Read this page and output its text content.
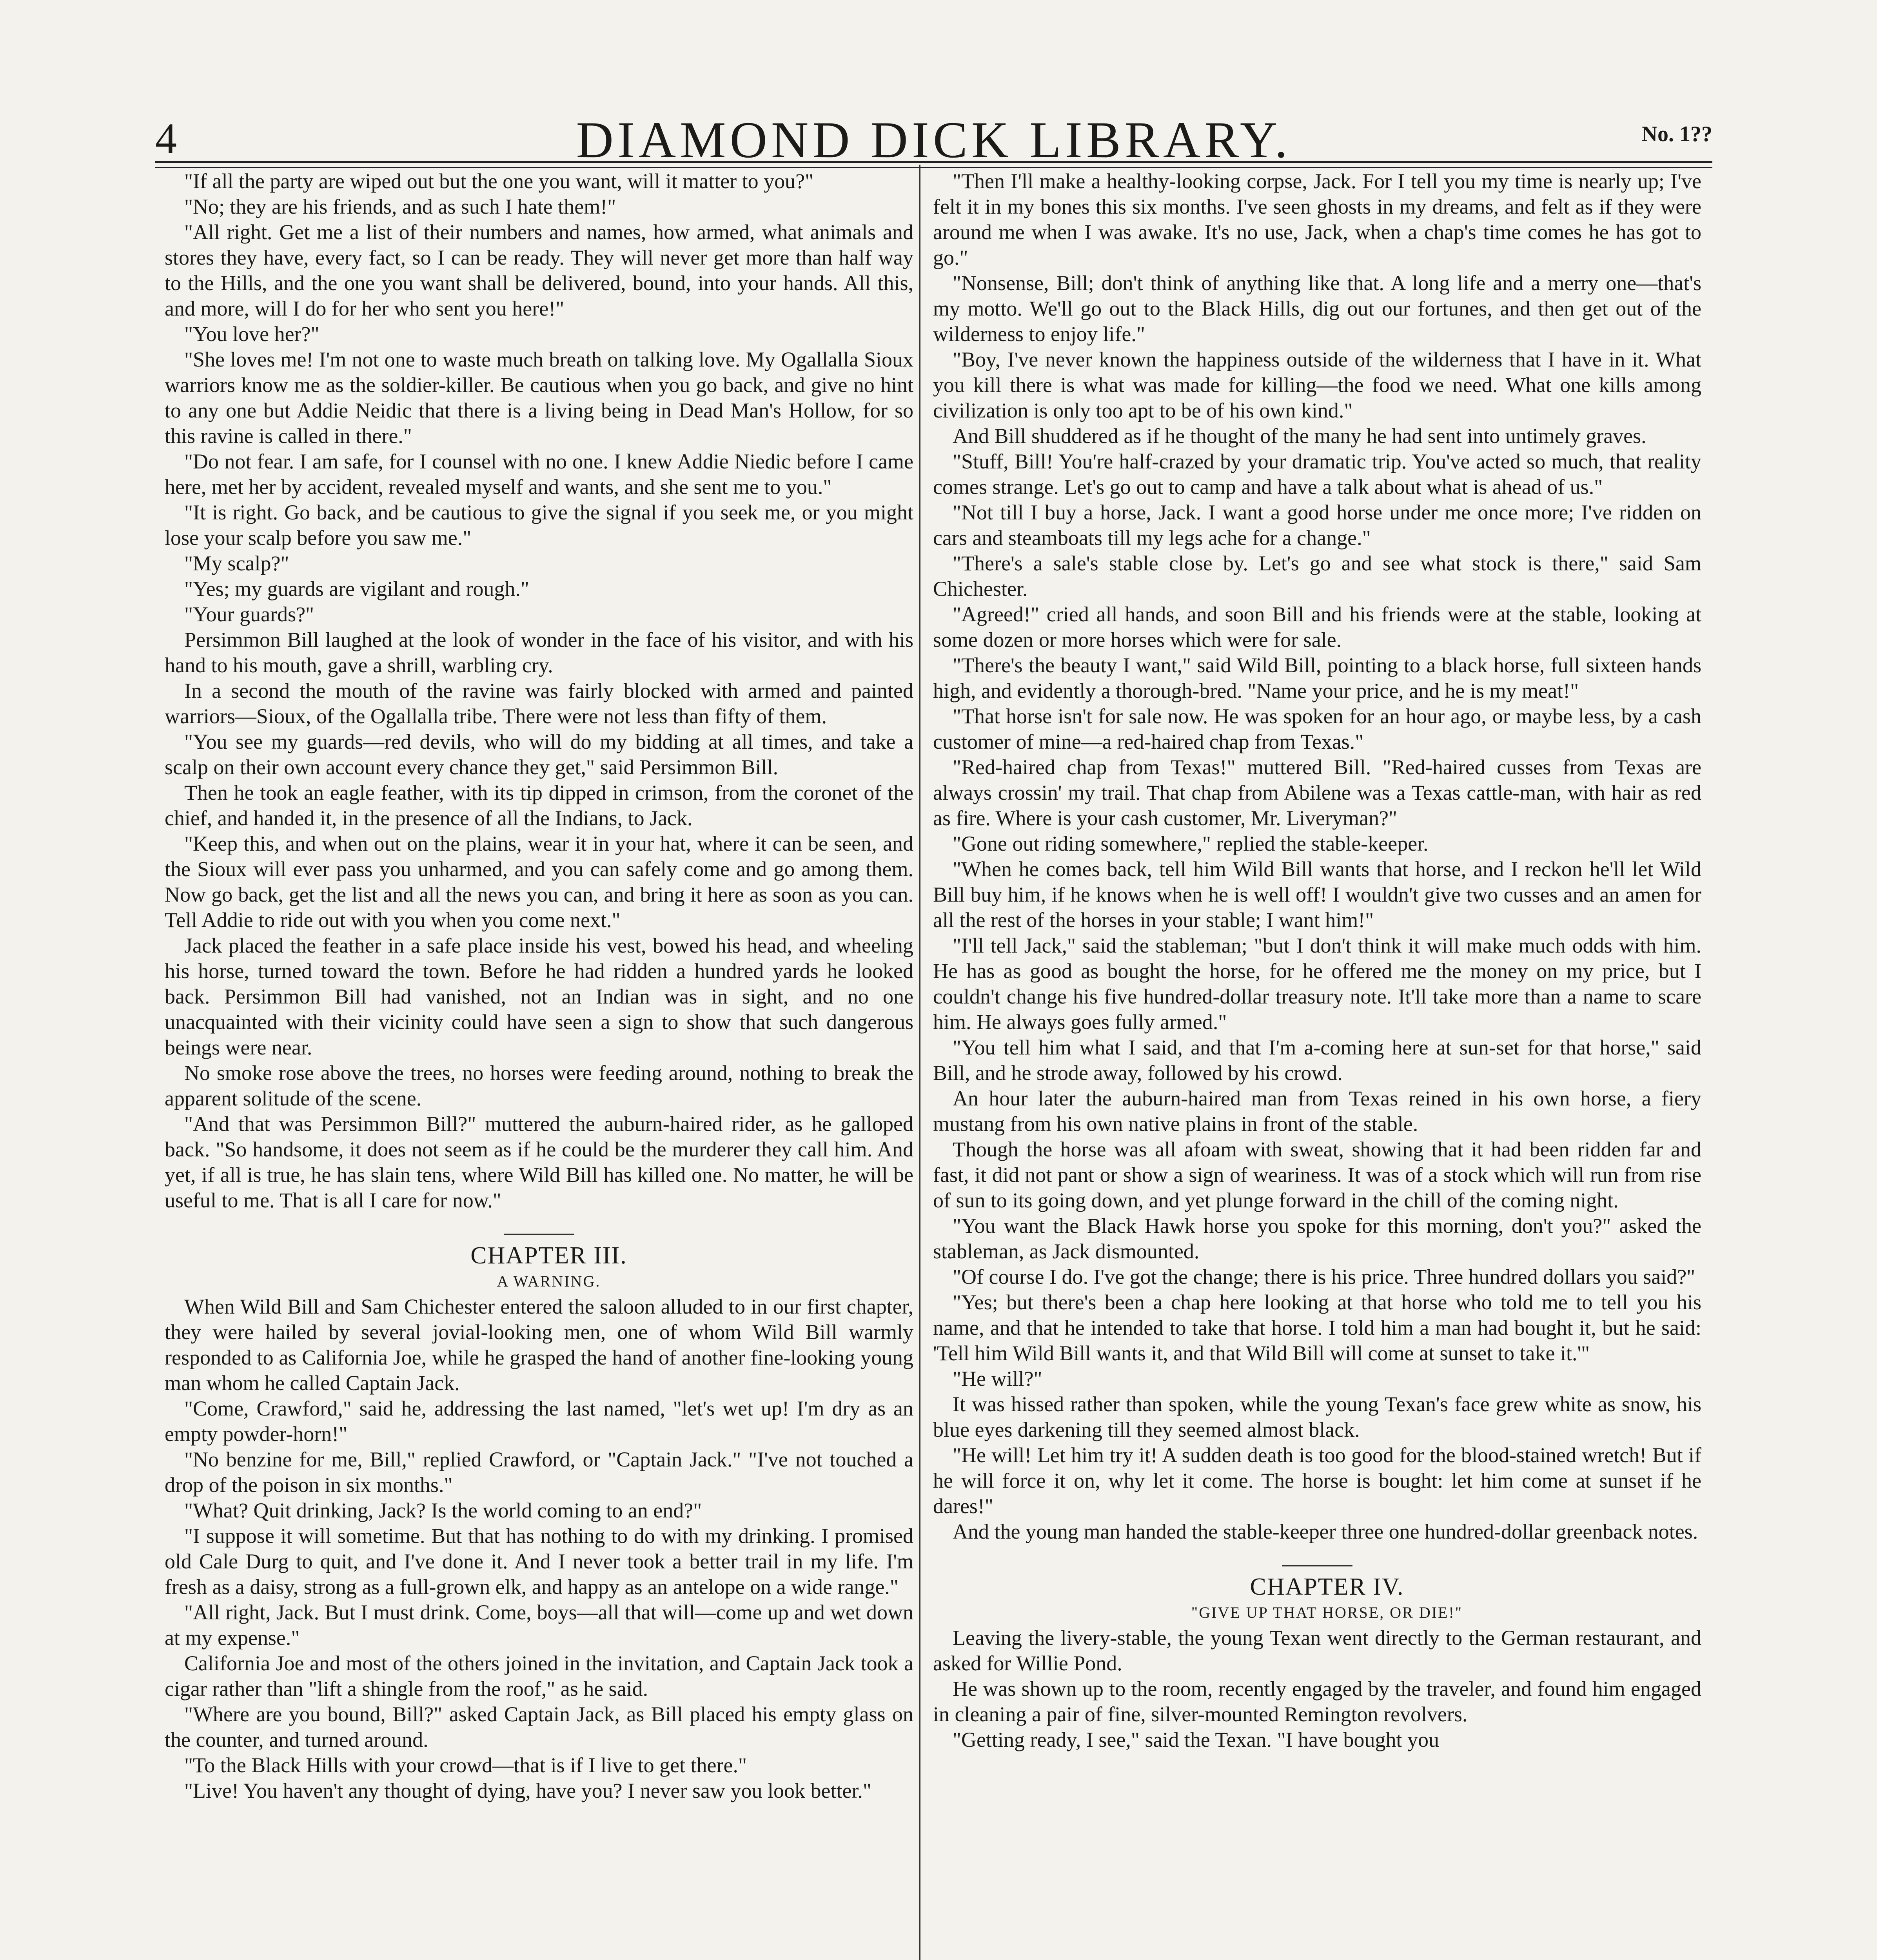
4	DIAMOND DICK LIBRARY.	No. 1??

"If all the party are wiped out but the one you want, will it matter to you?"

"No; they are his friends, and as such I hate them!"

"All right. Get me a list of their numbers and names, how armed, what animals and stores they have, every fact, so I can be ready. They will never get more than half way to the Hills, and the one you want shall be delivered, bound, into your hands. All this, and more, will I do for her who sent you here!"

"You love her?"

"She loves me! I'm not one to waste much breath on talking love. My Ogallalla Sioux warriors know me as the soldier-killer. Be cautious when you go back, and give no hint to any one but Addie Neidic that there is a living being in Dead Man's Hollow, for so this ravine is called in there."

"Do not fear. I am safe, for I counsel with no one. I knew Addie Niedic before I came here, met her by accident, revealed myself and wants, and she sent me to you."

"It is right. Go back, and be cautious to give the signal if you seek me, or you might lose your scalp before you saw me."

"My scalp?"

"Yes; my guards are vigilant and rough."

"Your guards?"

Persimmon Bill laughed at the look of wonder in the face of his visitor, and with his hand to his mouth, gave a shrill, warbling cry.

In a second the mouth of the ravine was fairly blocked with armed and painted warriors—Sioux, of the Ogallalla tribe. There were not less than fifty of them.

"You see my guards—red devils, who will do my bidding at all times, and take a scalp on their own account every chance they get," said Persimmon Bill.

Then he took an eagle feather, with its tip dipped in crimson, from the coronet of the chief, and handed it, in the presence of all the Indians, to Jack.

"Keep this, and when out on the plains, wear it in your hat, where it can be seen, and the Sioux will ever pass you unharmed, and you can safely come and go among them. Now go back, get the list and all the news you can, and bring it here as soon as you can. Tell Addie to ride out with you when you come next."

Jack placed the feather in a safe place inside his vest, bowed his head, and wheeling his horse, turned toward the town. Before he had ridden a hundred yards he looked back. Persimmon Bill had vanished, not an Indian was in sight, and no one unacquainted with their vicinity could have seen a sign to show that such dangerous beings were near.

No smoke rose above the trees, no horses were feeding around, nothing to break the apparent solitude of the scene.

"And that was Persimmon Bill?" muttered the auburn-haired rider, as he galloped back. "So handsome, it does not seem as if he could be the murderer they call him. And yet, if all is true, he has slain tens, where Wild Bill has killed one. No matter, he will be useful to me. That is all I care for now."

CHAPTER III.

A WARNING.

When Wild Bill and Sam Chichester entered the saloon alluded to in our first chapter, they were hailed by several jovial-looking men, one of whom Wild Bill warmly responded to as California Joe, while he grasped the hand of another fine-looking young man whom he called Captain Jack.

"Come, Crawford," said he, addressing the last named, "let's wet up! I'm dry as an empty powder-horn!"

"No benzine for me, Bill," replied Crawford, or "Captain Jack." "I've not touched a drop of the poison in six months."

"What? Quit drinking, Jack? Is the world coming to an end?"

"I suppose it will sometime. But that has nothing to do with my drinking. I promised old Cale Durg to quit, and I've done it. And I never took a better trail in my life. I'm fresh as a daisy, strong as a full-grown elk, and happy as an antelope on a wide range."

"All right, Jack. But I must drink. Come, boys—all that will—come up and wet down at my expense."

California Joe and most of the others joined in the invitation, and Captain Jack took a cigar rather than "lift a shingle from the roof," as he said.

"Where are you bound, Bill?" asked Captain Jack, as Bill placed his empty glass on the counter, and turned around.

"To the Black Hills with your crowd—that is if I live to get there."

"Live! You haven't any thought of dying, have you? I never saw you look better."

"Then I'll make a healthy-looking corpse, Jack. For I tell you my time is nearly up; I've felt it in my bones this six months. I've seen ghosts in my dreams, and felt as if they were around me when I was awake. It's no use, Jack, when a chap's time comes he has got to go."

"Nonsense, Bill; don't think of anything like that. A long life and a merry one—that's my motto. We'll go out to the Black Hills, dig out our fortunes, and then get out of the wilderness to enjoy life."

"Boy, I've never known the happiness outside of the wilderness that I have in it. What you kill there is what was made for killing—the food we need. What one kills among civilization is only too apt to be of his own kind."

And Bill shuddered as if he thought of the many he had sent into untimely graves.

"Stuff, Bill! You're half-crazed by your dramatic trip. You've acted so much, that reality comes strange. Let's go out to camp and have a talk about what is ahead of us."

"Not till I buy a horse, Jack. I want a good horse under me once more; I've ridden on cars and steamboats till my legs ache for a change."

"There's a sale's stable close by. Let's go and see what stock is there," said Sam Chichester.

"Agreed!" cried all hands, and soon Bill and his friends were at the stable, looking at some dozen or more horses which were for sale.

"There's the beauty I want," said Wild Bill, pointing to a black horse, full sixteen hands high, and evidently a thorough-bred. "Name your price, and he is my meat!"

"That horse isn't for sale now. He was spoken for an hour ago, or maybe less, by a cash customer of mine—a red-haired chap from Texas."

"Red-haired chap from Texas!" muttered Bill. "Red-haired cusses from Texas are always crossin' my trail. That chap from Abilene was a Texas cattle-man, with hair as red as fire. Where is your cash customer, Mr. Liveryman?"

"Gone out riding somewhere," replied the stable-keeper.

"When he comes back, tell him Wild Bill wants that horse, and I reckon he'll let Wild Bill buy him, if he knows when he is well off! I wouldn't give two cusses and an amen for all the rest of the horses in your stable; I want him!"

"I'll tell Jack," said the stableman; "but I don't think it will make much odds with him. He has as good as bought the horse, for he offered me the money on my price, but I couldn't change his five hundred-dollar treasury note. It'll take more than a name to scare him. He always goes fully armed."

"You tell him what I said, and that I'm a-coming here at sun-set for that horse," said Bill, and he strode away, followed by his crowd.

An hour later the auburn-haired man from Texas reined in his own horse, a fiery mustang from his own native plains in front of the stable.

Though the horse was all afoam with sweat, showing that it had been ridden far and fast, it did not pant or show a sign of weariness. It was of a stock which will run from rise of sun to its going down, and yet plunge forward in the chill of the coming night.

"You want the Black Hawk horse you spoke for this morning, don't you?" asked the stableman, as Jack dismounted.

"Of course I do. I've got the change; there is his price. Three hundred dollars you said?"

"Yes; but there's been a chap here looking at that horse who told me to tell you his name, and that he intended to take that horse. I told him a man had bought it, but he said: 'Tell him Wild Bill wants it, and that Wild Bill will come at sunset to take it.'"

"He will?"

It was hissed rather than spoken, while the young Texan's face grew white as snow, his blue eyes darkening till they seemed almost black.

"He will! Let him try it! A sudden death is too good for the blood-stained wretch! But if he will force it on, why let it come. The horse is bought: let him come at sunset if he dares!"

And the young man handed the stable-keeper three one hundred-dollar greenback notes.

CHAPTER IV.

"GIVE UP THAT HORSE, OR DIE!"

Leaving the livery-stable, the young Texan went directly to the German restaurant, and asked for Willie Pond.

He was shown up to the room, recently engaged by the traveler, and found him engaged in cleaning a pair of fine, silver-mounted Remington revolvers.

"Getting ready, I see," said the Texan. "I have bought you
